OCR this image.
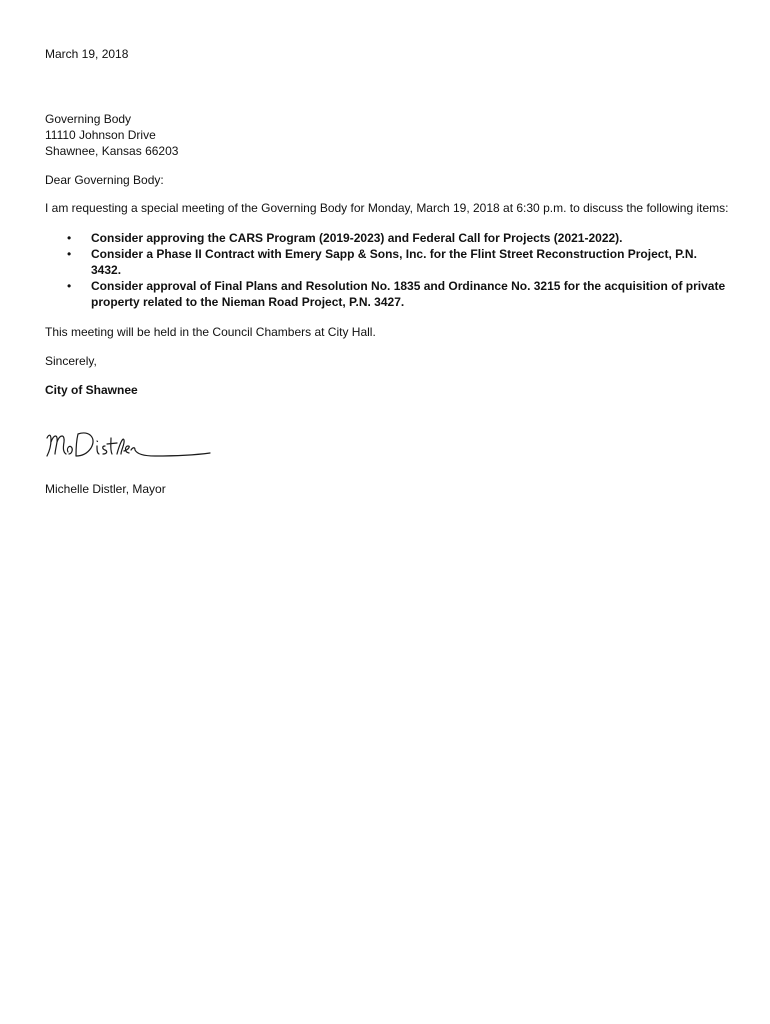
March 19, 2018

Governing Body

11110 Johnson Drive

Shawnee, Kansas 66203

Dear Governing Body:

I am requesting a special meeting of the Governing Body for Monday, March 19, 2018 at 6:30 p.m. to discuss the following items:

• Consider approving the CARS Program (2019-2023) and Federal Call for Projects (2021-2022).
• Consider a Phase II Contract with Emery Sapp & Sons, Inc. for the Flint Street Reconstruction Project, P.N. 3432.
• Consider approval of Final Plans and Resolution No. 1835 and Ordinance No. 3215 for the acquisition of private property related to the Nieman Road Project, P.N. 3427.

This meeting will be held in the Council Chambers at City Hall.

Sincerely,

City of Shawnee

Michelle Distler, Mayor
